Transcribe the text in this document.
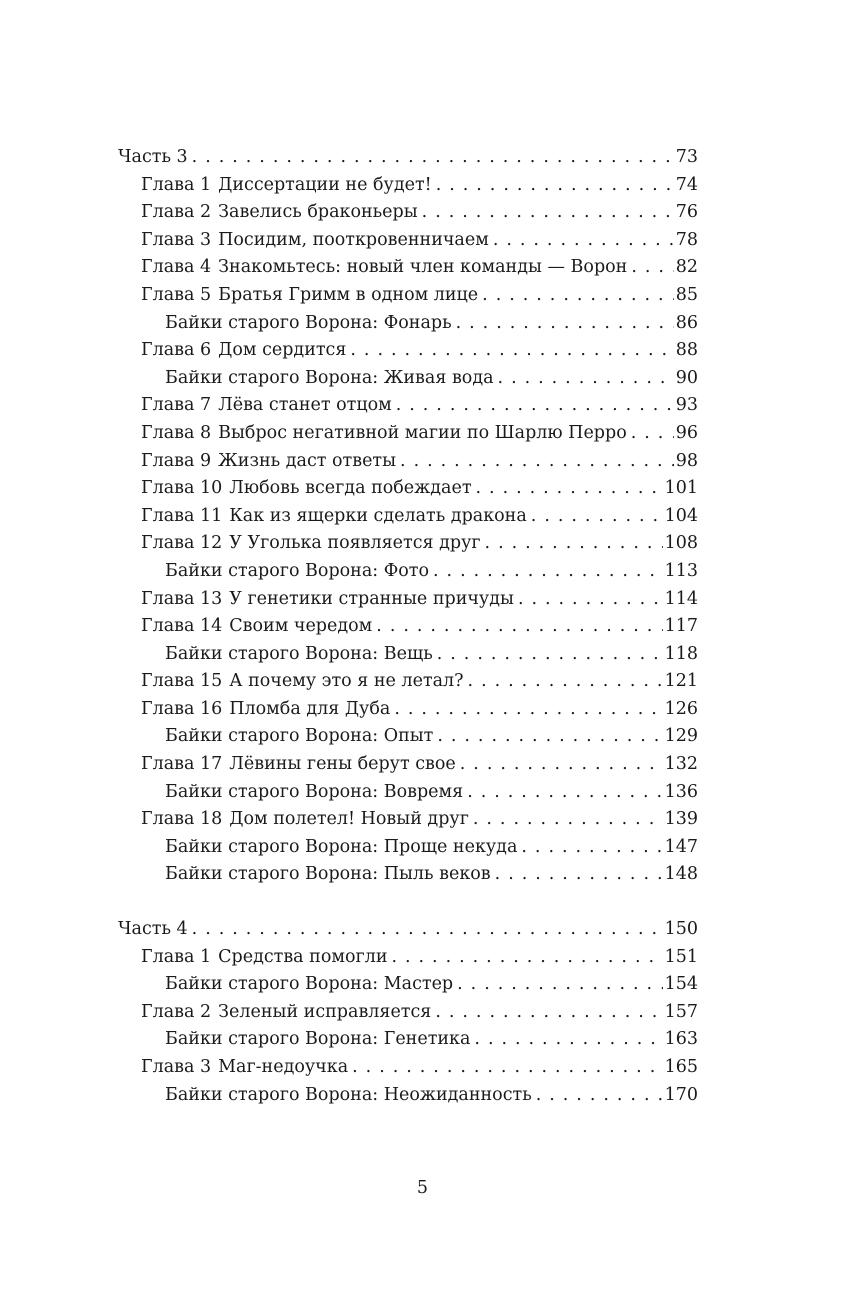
Часть 3 . . .	73
Глава 1 Диссертации не будет! . . .	74
Глава 2 Завелись браконьеры . . .	76
Глава 3 Посидим, пооткровенничаем . . .	78
Глава 4 Знакомьтесь: новый член команды — Ворон . . .	82
Глава 5 Братья Гримм в одном лице . . .	85
Байки старого Ворона: Фонарь . . .	86
Глава 6 Дом сердится . . .	88
Байки старого Ворона: Живая вода . . .	90
Глава 7 Лёва станет отцом . . .	93
Глава 8 Выброс негативной магии по Шарлю Перро . . .	96
Глава 9 Жизнь даст ответы . . .	98
Глава 10 Любовь всегда побеждает . . .	101
Глава 11 Как из ящерки сделать дракона . . .	104
Глава 12 У Уголька появляется друг . . .	108
Байки старого Ворона: Фото . . .	113
Глава 13 У генетики странные причуды . . .	114
Глава 14 Своим чередом . . .	117
Байки старого Ворона: Вещь . . .	118
Глава 15 А почему это я не летал? . . .	121
Глава 16 Пломба для Дуба . . .	126
Байки старого Ворона: Опыт . . .	129
Глава 17 Лёвины гены берут свое . . .	132
Байки старого Ворона: Вовремя . . .	136
Глава 18 Дом полетел! Новый друг . . .	139
Байки старого Ворона: Проще некуда . . .	147
Байки старого Ворона: Пыль веков . . .	148
Часть 4 . . .	150
Глава 1 Средства помогли . . .	151
Байки старого Ворона: Мастер . . .	154
Глава 2 Зеленый исправляется . . .	157
Байки старого Ворона: Генетика . . .	163
Глава 3 Маг-недоучка . . .	165
Байки старого Ворона: Неожиданность . . .	170
5
